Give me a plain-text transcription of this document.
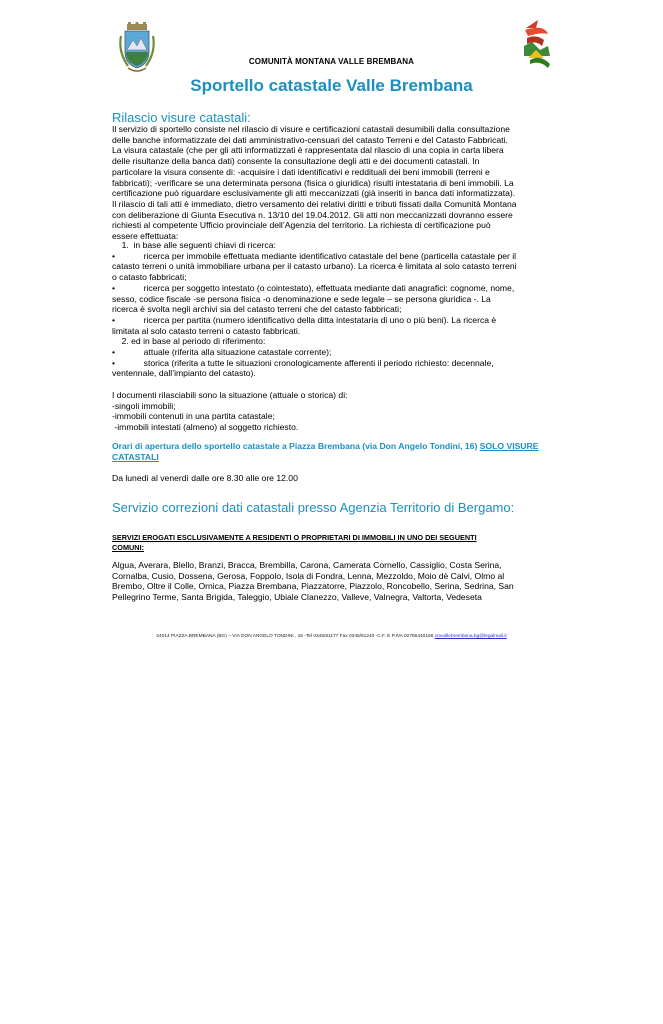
COMUNITÀ MONTANA VALLE BREMBANA
Sportello catastale Valle Brembana
Rilascio visure catastali:
Il servizio di sportello consiste nel rilascio di visure e certificazioni catastali desumibili dalla consultazione
delle banche informatizzate dei dati amministrativo-censuari del catasto Terreni e del Catasto Fabbricati.
La visura catastale (che per gli atti informatizzati è rappresentata dal rilascio di una copia in carta libera
delle risultanze della banca dati) consente la consultazione degli atti e dei documenti catastali. In
particolare la visura consente di: -acquisire i dati identificativi e reddituali dei beni immobili (terreni e
fabbricati); -verificare se una determinata persona (fisica o giuridica) risulti intestataria di beni immobili. La
certificazione può riguardare esclusivamente gli atti meccanizzati (già inseriti in banca dati informatizzata).
Il rilascio di tali atti è immediato, dietro versamento dei relativi diritti e tributi fissati dalla Comunità Montana
con deliberazione di Giunta Esecutiva n. 13/10 del 19.04.2012. Gli atti non meccanizzati dovranno essere
richiesti al competente Ufficio provinciale dell’Agenzia del territorio. La richiesta di certificazione può
essere effettuata:
1.  in base alle seguenti chiavi di ricerca:
•            ricerca per immobile effettuata mediante identificativo catastale del bene (particella catastale per il
catasto terreni o unità immobiliare urbana per il catasto urbano). La ricerca è limitata al solo catasto terreni
o catasto fabbricati;
•            ricerca per soggetto intestato (o cointestato), effettuata mediante dati anagrafici: cognome, nome,
sesso, codice fiscale -se persona fisica -o denominazione e sede legale – se persona giuridica -. La
ricerca è svolta negli archivi sia del catasto terreni che del catasto fabbricati;
•            ricerca per partita (numero identificativo della ditta intestataria di uno o più beni). La ricerca è
limitata al solo catasto terreni o catasto fabbricati.
2. ed in base al periodo di riferimento:
•            attuale (riferita alla situazione catastale corrente);
•            storica (riferita a tutte le situazioni cronologicamente afferenti il periodo richiesto: decennale,
ventennale, dall’impianto del catasto).
I documenti rilasciabili sono la situazione (attuale o storica) di:
-singoli immobili;
-immobili contenuti in una partita catastale;
-immobili intestati (almeno) al soggetto richiesto.
Orari di apertura dello sportello catastale a Piazza Brembana (via Don Angelo Tondini, 16) SOLO VISURE CATASTALI
Da lunedì al venerdì dalle ore 8.30 alle ore 12.00
Servizio correzioni dati catastali presso Agenzia Territorio di Bergamo:
SERVIZI EROGATI ESCLUSIVAMENTE A RESIDENTI O PROPRIETARI DI IMMOBILI IN UNO DEI SEGUENTI
COMUNI:
Algua, Averara, Blello, Branzi, Bracca, Brembilla, Carona, Camerata Cornello, Cassiglio, Costa Serina,
Cornalba, Cusio, Dossena, Gerosa, Foppolo, Isola di Fondra, Lenna, Mezzoldo, Moio dè Calvi, Olmo al
Brembo, Oltre il Colle, Ornica, Piazza Brembana, Piazzatorre, Piazzolo, Roncobello, Serina, Sedrina, San
Pellegrino Terme, Santa Brigida, Taleggio, Ubiale Clanezzo, Valleve, Valnegra, Valtorta, Vedeseta
24014 PIAZZA BREMBANA (BG) – VIA DON ANGELO TONDINI , 16 -Tel 0345/81177 Fax 0345/81240 -C.F. E P.IVA 02756440166 cmvallebrembana.bg@legalmail.it
